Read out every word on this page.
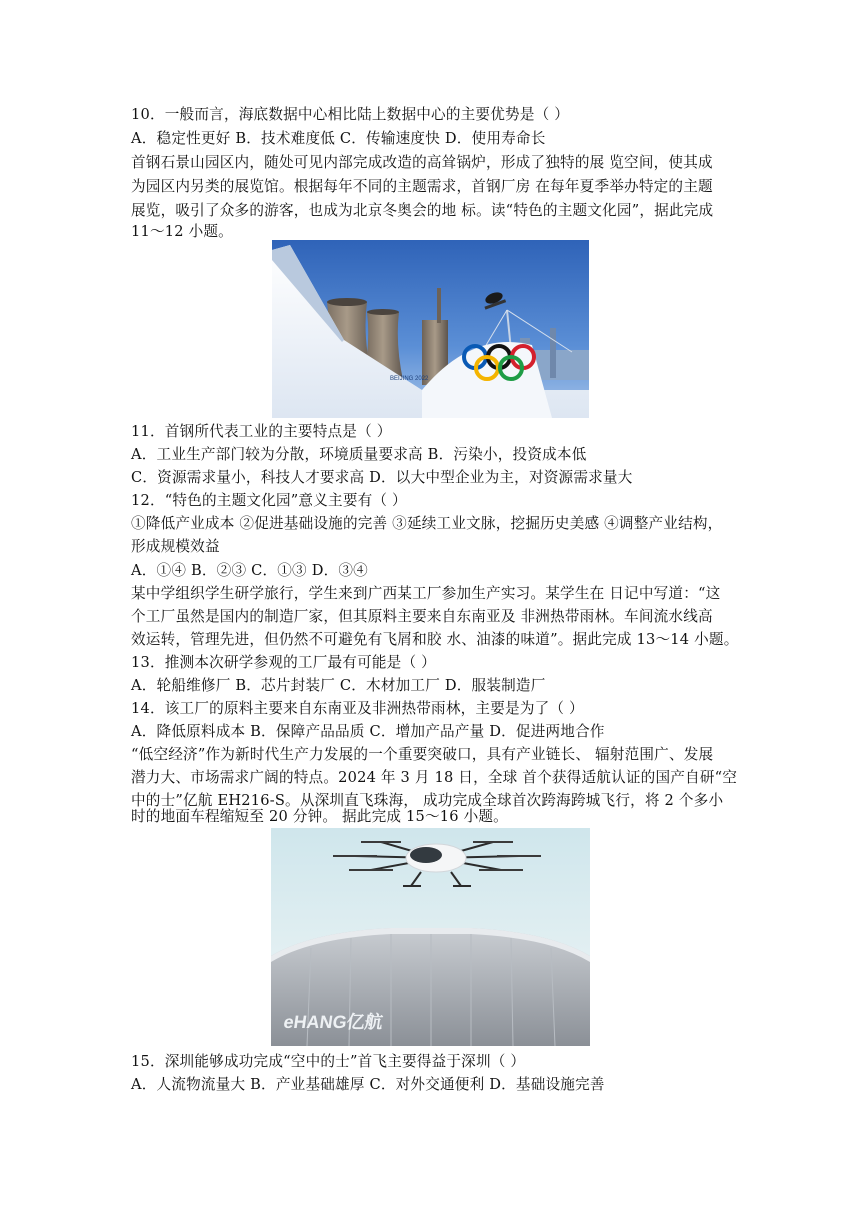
10．一般而言，海底数据中心相比陆上数据中心的主要优势是（ ）
A．稳定性更好 B．技术难度低 C．传输速度快 D．使用寿命长
首钢石景山园区内，随处可见内部完成改造的高耸锅炉，形成了独特的展 览空间，使其成
为园区内另类的展览馆。根据每年不同的主题需求，首钢厂房 在每年夏季举办特定的主题
展览，吸引了众多的游客，也成为北京冬奥会的地 标。读“特色的主题文化园”，据此完成
11～12 小题。
BEIJING 2022
11．首钢所代表工业的主要特点是（ ）
A．工业生产部门较为分散，环境质量要求高 B．污染小，投资成本低
C．资源需求量小，科技人才要求高 D．以大中型企业为主，对资源需求量大
12．“特色的主题文化园”意义主要有（ ）
①降低产业成本 ②促进基础设施的完善 ③延续工业文脉，挖掘历史美感 ④调整产业结构，
形成规模效益
A．①④ B．②③ C．①③ D．③④
某中学组织学生研学旅行，学生来到广西某工厂参加生产实习。某学生在 日记中写道：“这
个工厂虽然是国内的制造厂家，但其原料主要来自东南亚及 非洲热带雨林。车间流水线高
效运转，管理先进，但仍然不可避免有飞屑和胶 水、油漆的味道”。据此完成 13～14 小题。
13．推测本次研学参观的工厂最有可能是（ ）
A．轮船维修厂 B．芯片封装厂 C．木材加工厂 D．服装制造厂
14．该工厂的原料主要来自东南亚及非洲热带雨林，主要是为了（ ）
A．降低原料成本 B．保障产品品质 C．增加产品产量 D．促进两地合作
“低空经济”作为新时代生产力发展的一个重要突破口，具有产业链长、 辐射范围广、发展
潜力大、市场需求广阔的特点。2024 年 3 月 18 日，全球 首个获得适航认证的国产自研“空
中的士”亿航 EH216-S。从深圳直飞珠海， 成功完成全球首次跨海跨城飞行，将 2 个多小
时的地面车程缩短至 20 分钟。 据此完成 15～16 小题。
eHANG亿航
15．深圳能够成功完成“空中的士”首飞主要得益于深圳（ ）
A．人流物流量大 B．产业基础雄厚 C．对外交通便利 D．基础设施完善
